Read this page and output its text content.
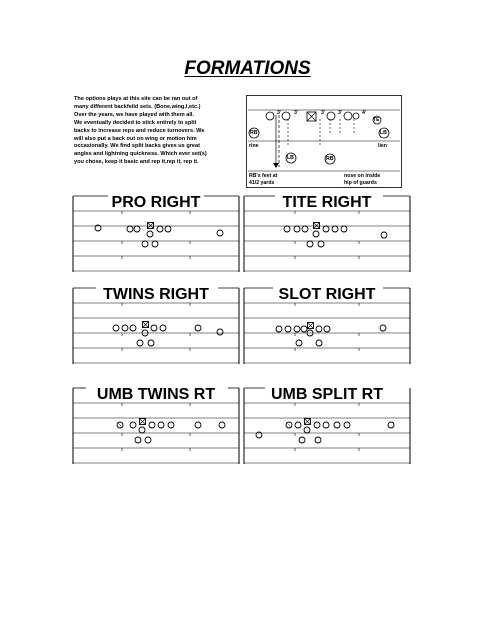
FORMATIONS
The options plays at this site can be ran out of
many different backfeild sets. (Bone,wing,I,etc.)
Over the years, we have played with them all.
We eventually decided to stick entirely to split
backs to increase reps and reduce turnovers. We
will also put a back out on wing or motion him
occasionally. We find split backs gives us great
angles and lightning quickness. Which ever set(s)
you chose, keep it basic and rep it,rep it, rep it.
3' 3'	3' 3'	4'
TE
RB	LB
LB	RB
rine	lien
RB's feet at
41/2 yards
nose on inside
hip of guards
PRO RIGHT	TITE RIGHT
TWINS RIGHT	SLOT RIGHT
UMB TWINS RT	UMB SPLIT RT
